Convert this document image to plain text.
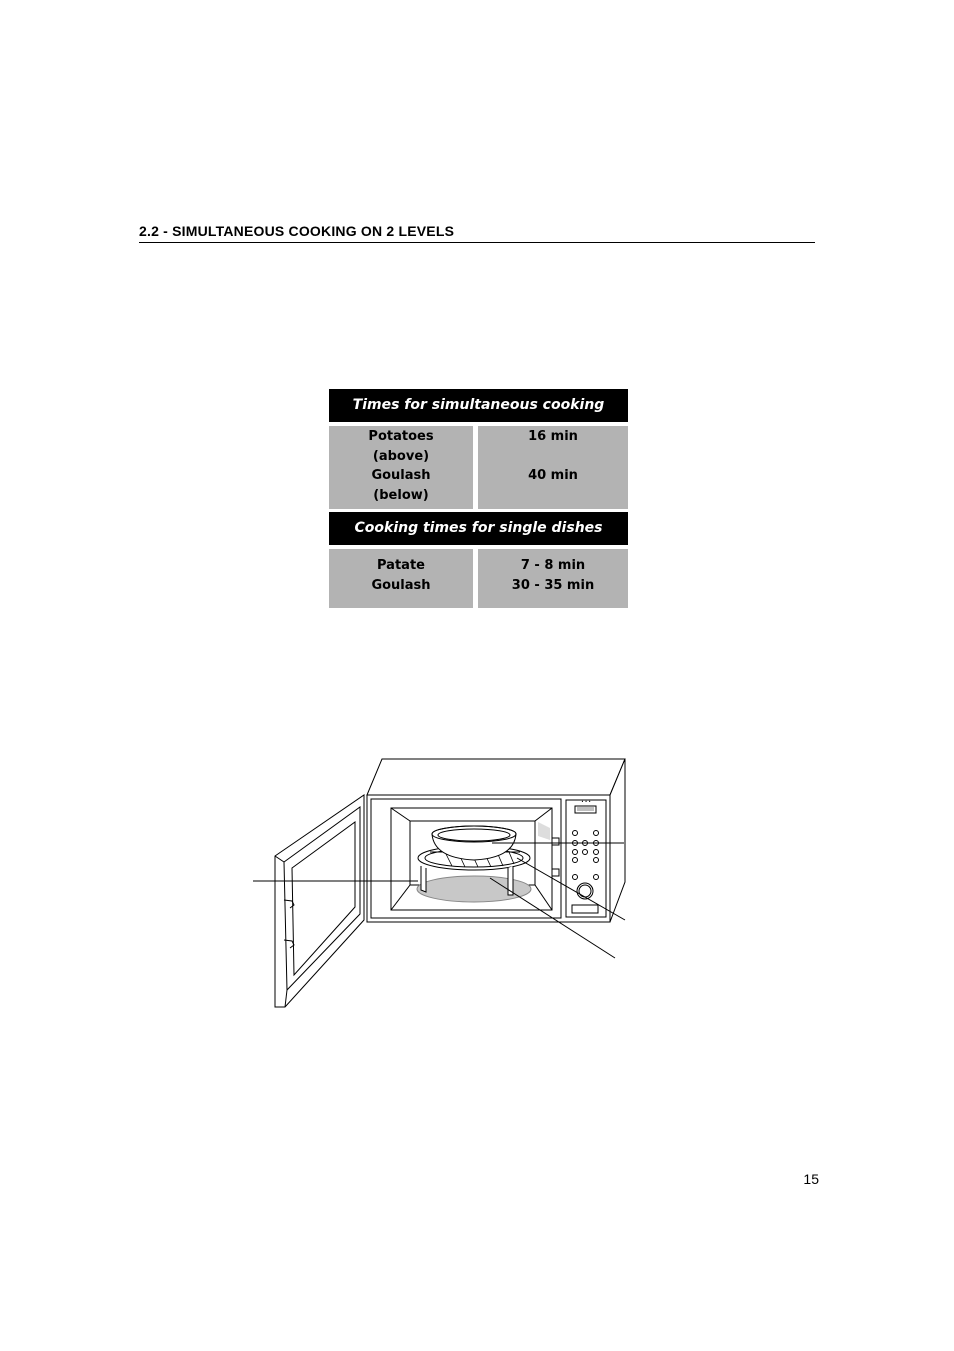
2.2 - SIMULTANEOUS COOKING ON 2 LEVELS
Times for simultaneous cooking
Potatoes
(above)
Goulash
(below)
16 min
40 min
Cooking times for single dishes
Patate
Goulash
7 - 8 min
30 - 35 min
• • •
15
